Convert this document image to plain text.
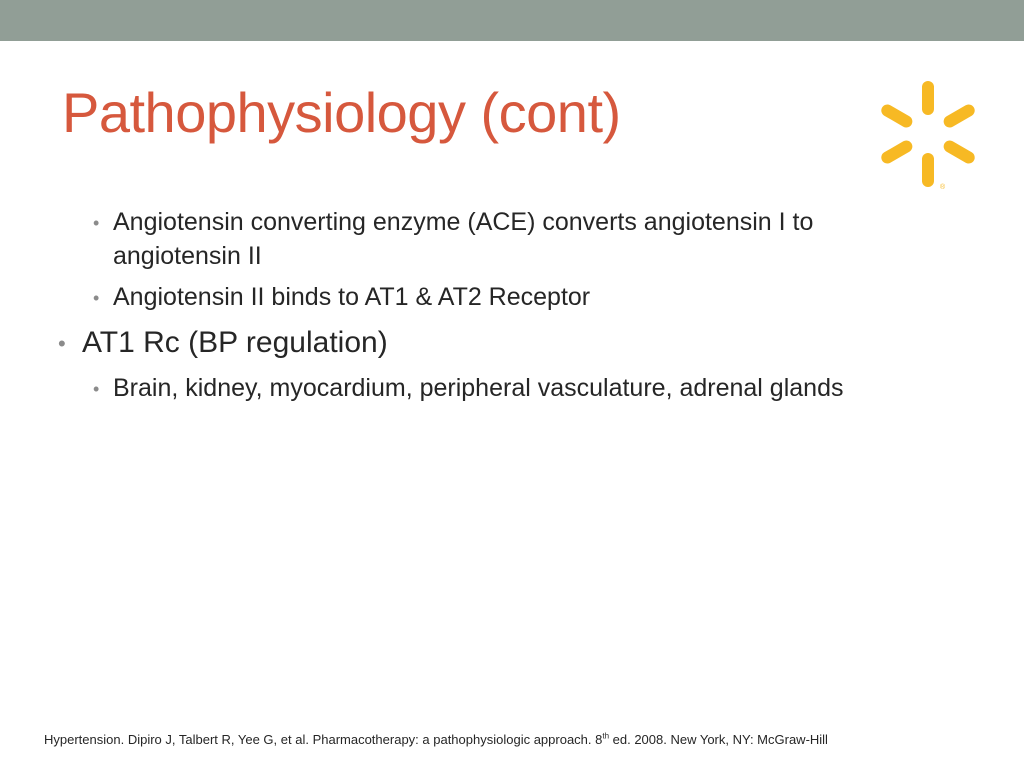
Pathophysiology (cont)
®
• Angiotensin converting enzyme (ACE) converts angiotensin I to angiotensin II
• Angiotensin II binds to AT1 & AT2 Receptor
• AT1 Rc (BP regulation)
• Brain, kidney, myocardium, peripheral vasculature, adrenal glands
Hypertension. Dipiro J, Talbert R, Yee G, et al. Pharmacotherapy: a pathophysiologic approach. 8th ed. 2008. New York, NY: McGraw-Hill
